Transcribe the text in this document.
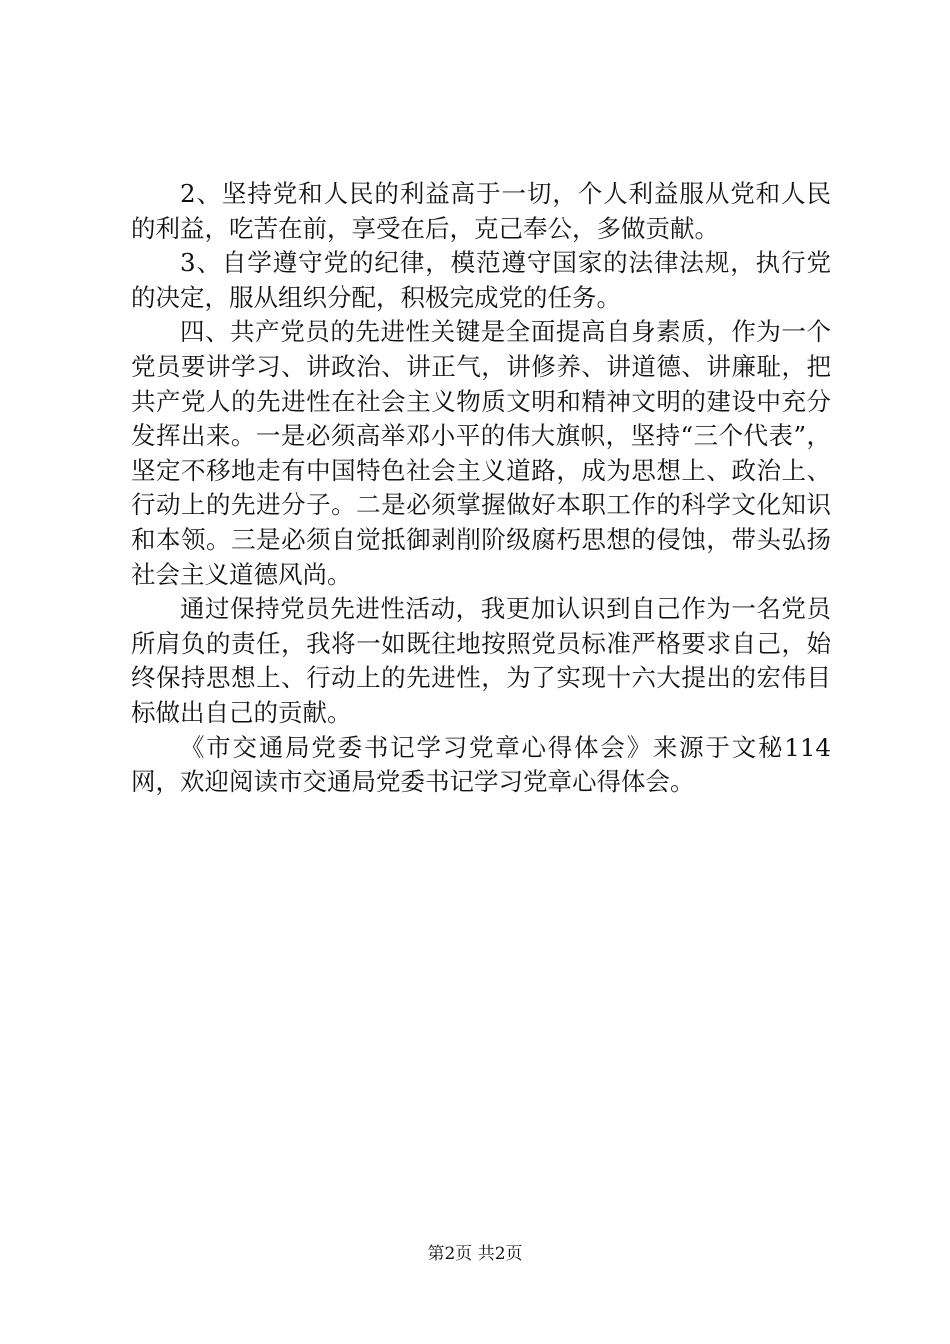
2、坚持党和人民的利益高于一切，个人利益服从党和人民的利益，吃苦在前，享受在后，克己奉公，多做贡献。

3、自学遵守党的纪律，模范遵守国家的法律法规，执行党的决定，服从组织分配，积极完成党的任务。

四、共产党员的先进性关键是全面提高自身素质，作为一个党员要讲学习、讲政治、讲正气，讲修养、讲道德、讲廉耻，把共产党人的先进性在社会主义物质文明和精神文明的建设中充分发挥出来。一是必须高举邓小平的伟大旗帜，坚持“三个代表”，坚定不移地走有中国特色社会主义道路，成为思想上、政治上、行动上的先进分子。二是必须掌握做好本职工作的科学文化知识和本领。三是必须自觉抵御剥削阶级腐朽思想的侵蚀，带头弘扬社会主义道德风尚。

通过保持党员先进性活动，我更加认识到自己作为一名党员所肩负的责任，我将一如既往地按照党员标准严格要求自己，始终保持思想上、行动上的先进性，为了实现十六大提出的宏伟目标做出自己的贡献。

《市交通局党委书记学习党章心得体会》来源于文秘114网，欢迎阅读市交通局党委书记学习党章心得体会。

第2页 共2页
